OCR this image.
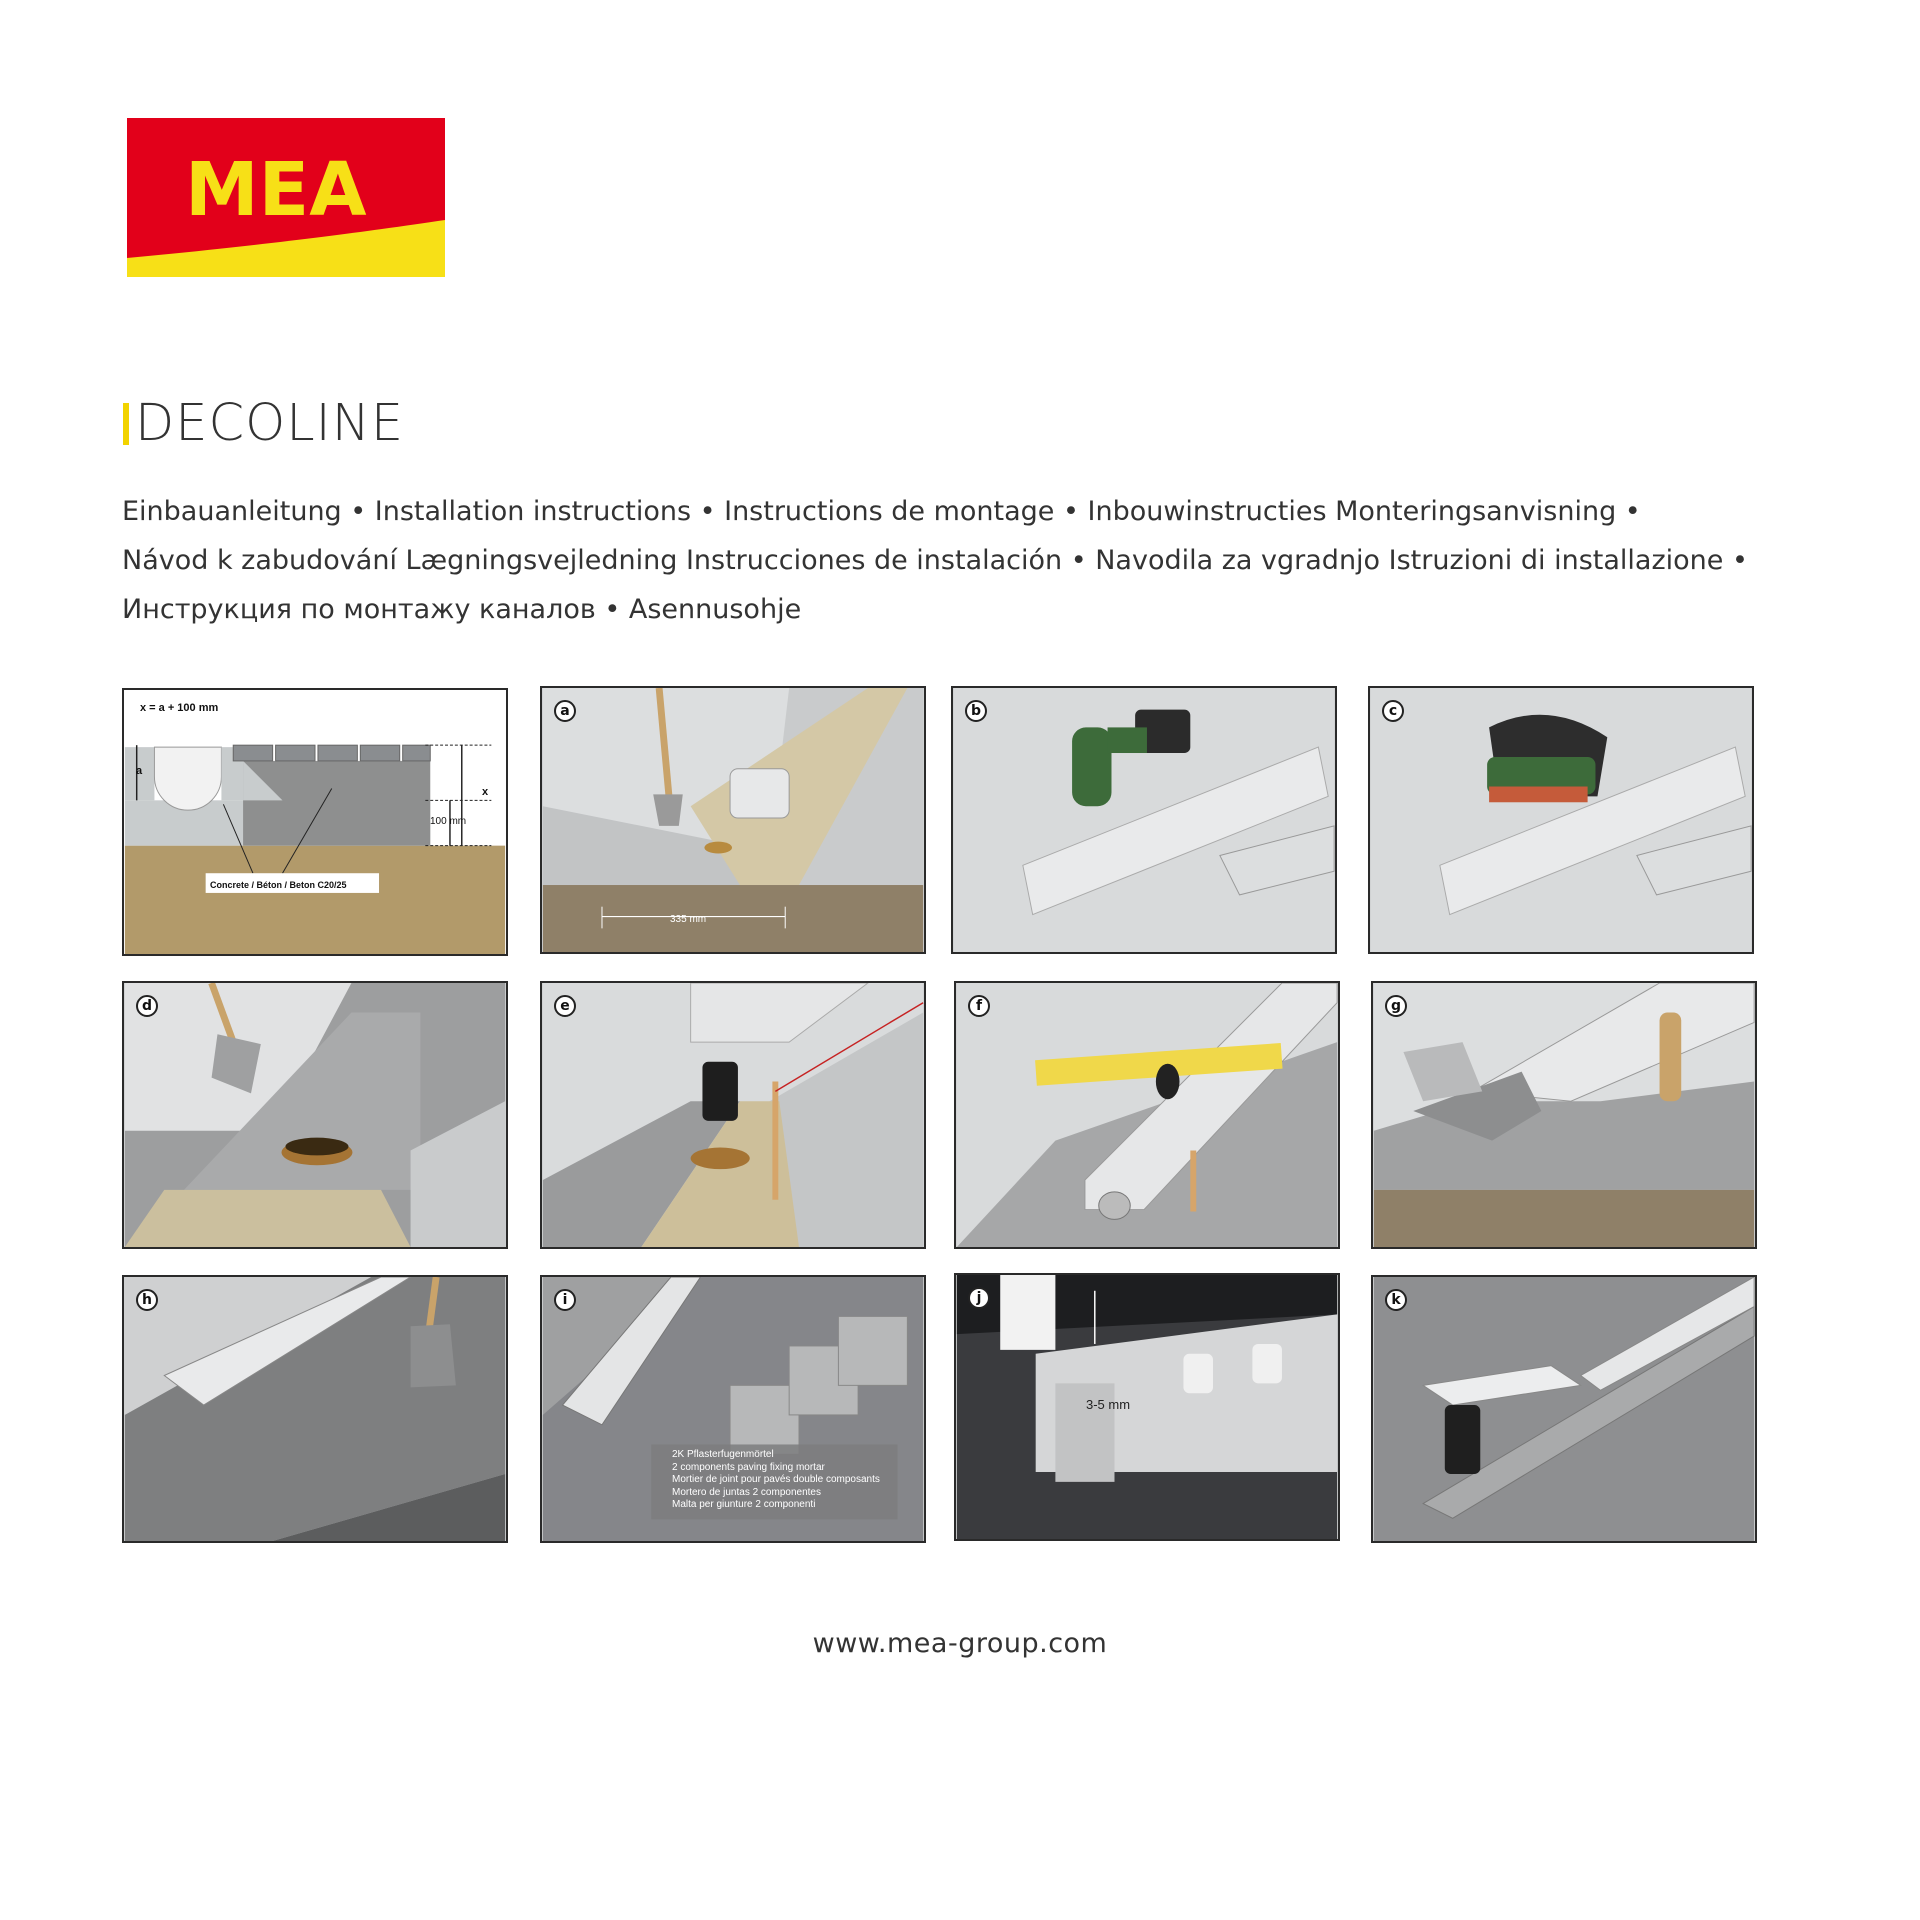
MEA
DECOLINE
Einbauanleitung • Installation instructions • Instructions de montage • Inbouwinstructies Monteringsanvisning •
Návod k zabudování Lægningsvejledning Instrucciones de instalación • Navodila za vgradnjo Istruzioni di installazione •
Инструкция по монтажу каналов • Asennusohje
x = a + 100 mm
a
x
100 mm
Concrete / Béton / Beton C20/25
a
335 mm
b	c
d	e	f	g
h	i
2K Pflasterfugenmörtel
2 components paving fixing mortar
Mortier de joint pour pavés double composants
Mortero de juntas 2 componentes
Malta per giunture 2 componenti
j
3-5 mm
k
www.mea-group.com
